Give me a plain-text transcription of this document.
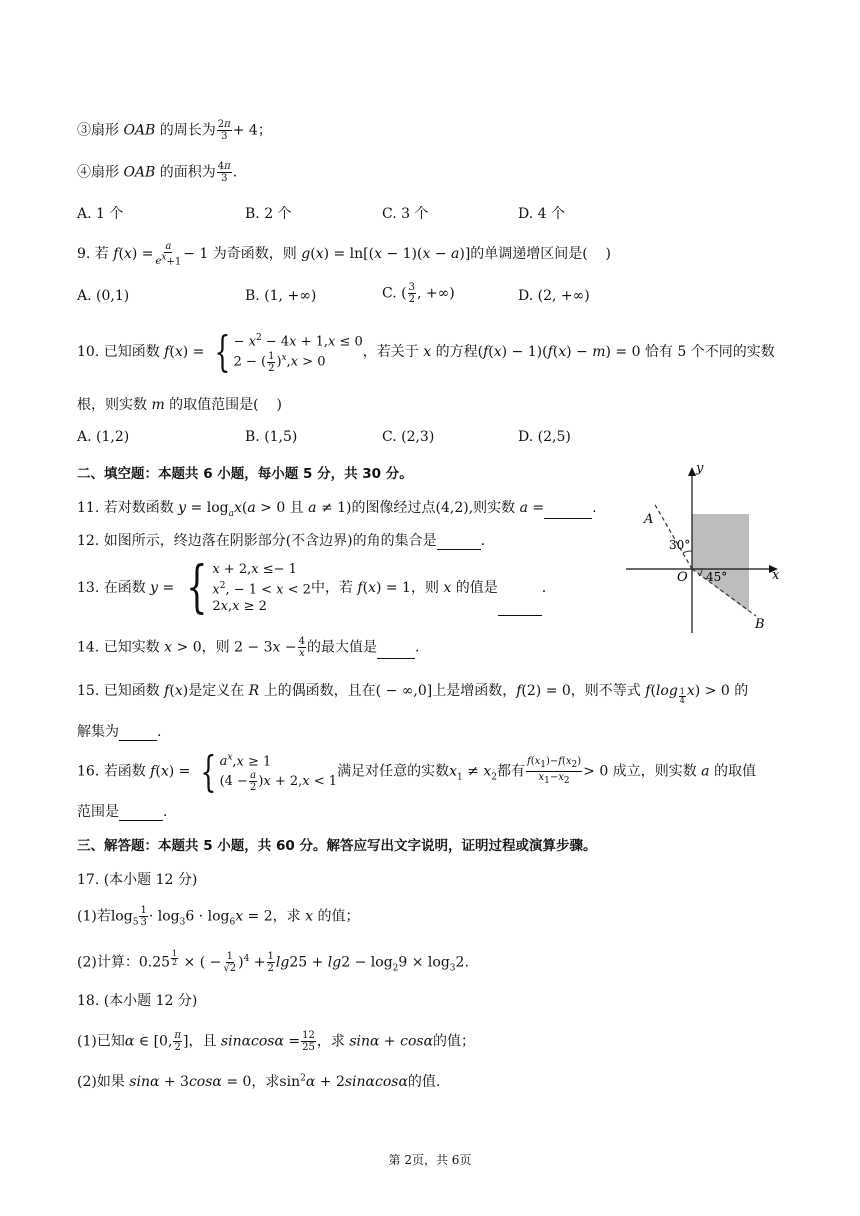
③扇形 OAB 的周长为 $\frac{2\pi}{3} + 4$；
④扇形 OAB 的面积为 $\frac{4\pi}{3}$ .
A. 1 个	B. 2 个	C. 3 个	D. 4 个
9. 若 $f(x) = \frac{a}{e^x+1} - 1$ 为奇函数，则 g(x) = ln[(x − 1)(x − a)]的单调递增区间是(    )
A. (0,1)	B. (1, +∞)	C. ( $\frac{3}{2}$ , +∞)	D. (2, +∞)
10. 已知函数 f(x) = { − $x^2 - 4x + 1,x \le 0$
2 − ( $\frac{1}{2} )^x,x > 0$
，若关于 x 的方程(f(x) − 1)(f(x) − m) = 0 恰有 5 个不同的实数
根，则实数 m 的取值范围是(    )
A. (1,2)	B. (1,5)	C. (2,3)	D. (2,5)
二、填空题：本题共 6 小题，每小题 5 分，共 30 分。
11. 若对数函数 $y = \log_ax(a > 0$ 且 a ≠ 1)的图像经过点(4,2),则实数 a =	.
12. 如图所示，终边落在阴影部分(不含边界)的角的集合是	.
13. 在函数 y = { x + 2,x ≤− 1
$x^2$, − 1 < x < 2
2x,x ≥ 2
中，若 f(x) = 1，则 x 的值是	.
14. 已知实数 x > 0，则 $2 - 3x - \frac{4}{x}$ 的最大值是	.
15. 已知函数 f(x)是定义在 R 上的偶函数，且在( − ∞,0]上是增函数，f(2) = 0，则不等式 f(log $_{\frac{1}{4}}$ x) > 0 的
解集为	.
16. 若函数 f(x) = { $a^x,x \ge 1$
$(4 - \frac{a}{2} )x + 2,x < 1$
满足对任意的实数$x_1 \ne x_2$都有 $\frac{f(x_1)-f(x_2)}{x_1-x_2} > 0$ 成立，则实数 a 的取值
范围是	.
三、解答题：本题共 5 小题，共 60 分。解答应写出文字说明，证明过程或演算步骤。
17. (本小题 12 分)
(1)若$\log_5 \frac{1}{3} \cdot \log_36 \cdot \log_6x = 2$，求 x 的值；
(2)计算：0.25 $^{\frac{1}{2}}$ × ( − $\frac{1}{√2} )^4 + \frac{1}{2} \lg 25 + \lg 2 - \log_29 \times \log_32$.
18. (本小题 12 分)
(1)已知α ∈ [0, $\frac{\pi}{2}$ ]，且 $\sin\alpha\cos\alpha = \frac{12}{25}$ ，求 sinα + cosα的值；
(2)如果 sinα + 3cosα = 0，求$\sin^2\alpha + 2\sin\alpha\cos\alpha$的值.
y
x
O
A
B
30°
45°
第 2页，共 6页
